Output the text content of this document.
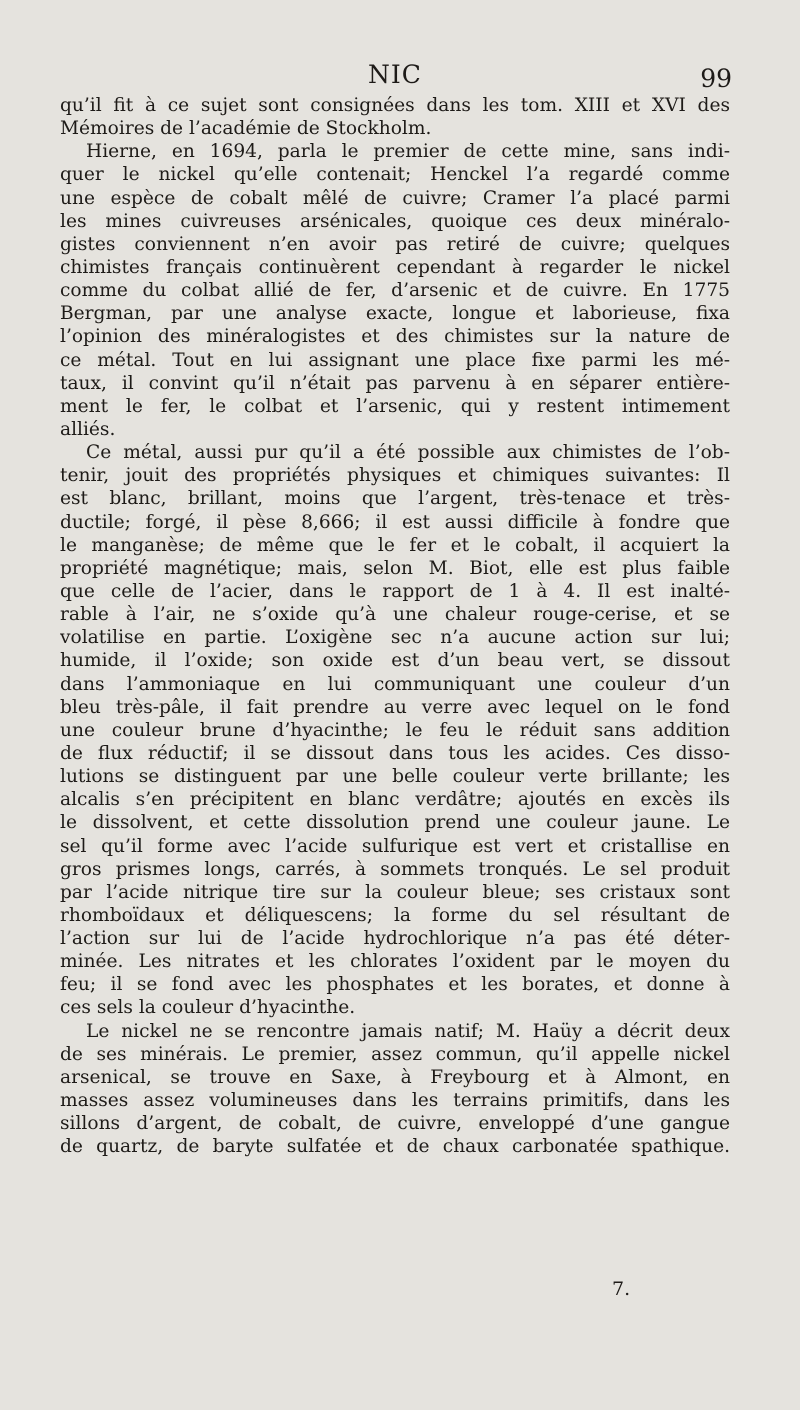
NIC	99
qu’il fit à ce sujet sont consignées dans les tom. XIII et XVI des
Mémoires de l’académie de Stockholm.
Hierne, en 1694, parla le premier de cette mine, sans indi-
quer le nickel qu’elle contenait; Henckel l’a regardé comme
une espèce de cobalt mêlé de cuivre; Cramer l’a placé parmi
les mines cuivreuses arsénicales, quoique ces deux minéralo-
gistes conviennent n’en avoir pas retiré de cuivre; quelques
chimistes français continuèrent cependant à regarder le nickel
comme du colbat allié de fer, d’arsenic et de cuivre. En 1775
Bergman, par une analyse exacte, longue et laborieuse, fixa
l’opinion des minéralogistes et des chimistes sur la nature de
ce métal. Tout en lui assignant une place fixe parmi les mé-
taux, il convint qu’il n’était pas parvenu à en séparer entière-
ment le fer, le colbat et l’arsenic, qui y restent intimement
alliés.
Ce métal, aussi pur qu’il a été possible aux chimistes de l’ob-
tenir, jouit des propriétés physiques et chimiques suivantes: Il
est blanc, brillant, moins que l’argent, très-tenace et très-
ductile; forgé, il pèse 8,666; il est aussi difficile à fondre que
le manganèse; de même que le fer et le cobalt, il acquiert la
propriété magnétique; mais, selon M. Biot, elle est plus faible
que celle de l’acier, dans le rapport de 1 à 4. Il est inalté-
rable à l’air, ne s’oxide qu’à une chaleur rouge-cerise, et se
volatilise en partie. L’oxigène sec n’a aucune action sur lui;
humide, il l’oxide; son oxide est d’un beau vert, se dissout
dans l’ammoniaque en lui communiquant une couleur d’un
bleu très-pâle, il fait prendre au verre avec lequel on le fond
une couleur brune d’hyacinthe; le feu le réduit sans addition
de flux réductif; il se dissout dans tous les acides. Ces disso-
lutions se distinguent par une belle couleur verte brillante; les
alcalis s’en précipitent en blanc verdâtre; ajoutés en excès ils
le dissolvent, et cette dissolution prend une couleur jaune. Le
sel qu’il forme avec l’acide sulfurique est vert et cristallise en
gros prismes longs, carrés, à sommets tronqués. Le sel produit
par l’acide nitrique tire sur la couleur bleue; ses cristaux sont
rhomboïdaux et déliquescens; la forme du sel résultant de
l’action sur lui de l’acide hydrochlorique n’a pas été déter-
minée. Les nitrates et les chlorates l’oxident par le moyen du
feu; il se fond avec les phosphates et les borates, et donne à
ces sels la couleur d’hyacinthe.
Le nickel ne se rencontre jamais natif; M. Haüy a décrit deux
de ses minérais. Le premier, assez commun, qu’il appelle nickel
arsenical, se trouve en Saxe, à Freybourg et à Almont, en
masses assez volumineuses dans les terrains primitifs, dans les
sillons d’argent, de cobalt, de cuivre, enveloppé d’une gangue
de quartz, de baryte sulfatée et de chaux carbonatée spathique.
7.
